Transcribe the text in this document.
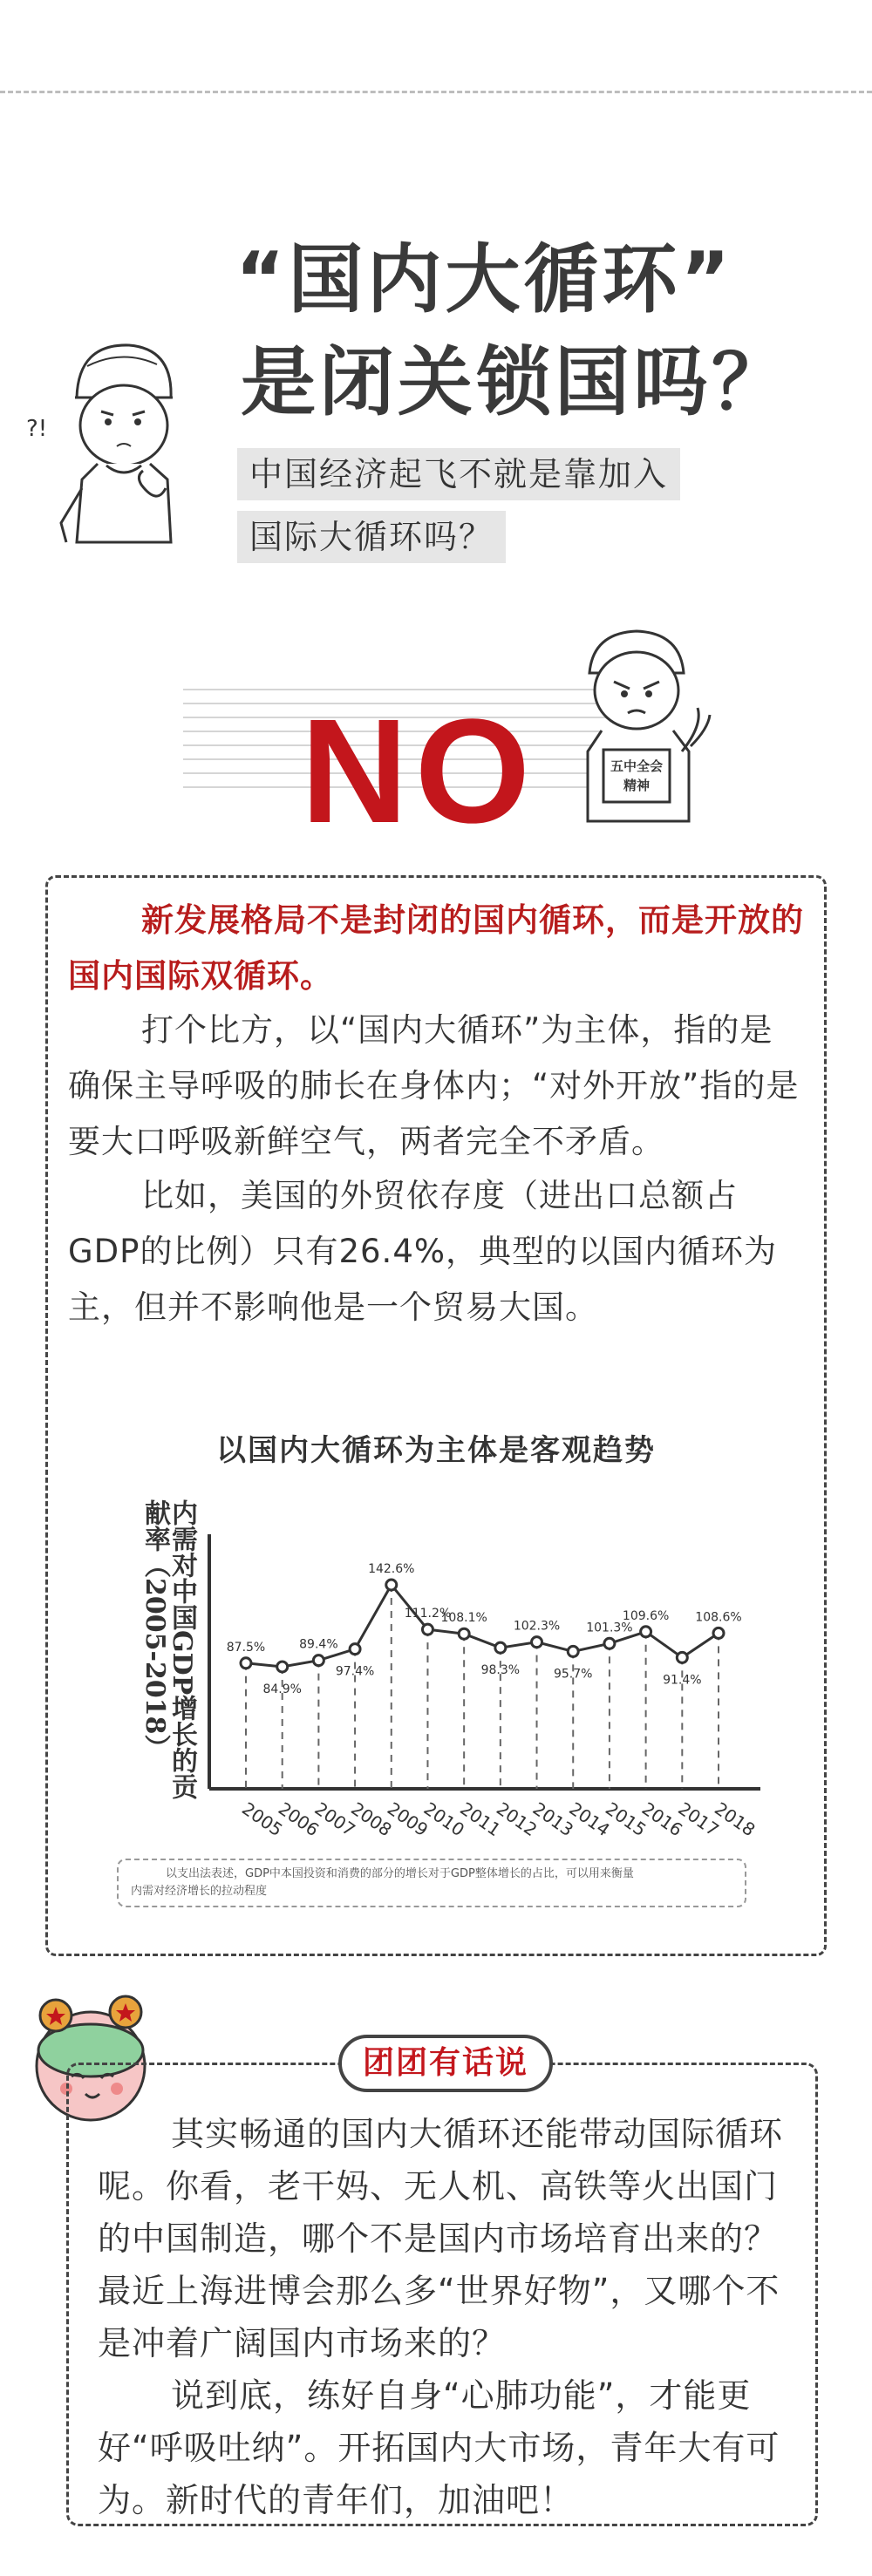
?!
“国内大循环”
是闭关锁国吗？
中国经济起飞不就是靠加入
国际大循环吗？
NO	五中全会
精神
新发展格局不是封闭的国内循环，而是开放的国内国际双循环。
打个比方，以“国内大循环”为主体，指的是确保主导呼吸的肺长在身体内；“对外开放”指的是要大口呼吸新鲜空气，两者完全不矛盾。
比如，美国的外贸依存度（进出口总额占GDP的比例）只有26.4%，典型的以国内循环为主，但并不影响他是一个贸易大国。
以国内大循环为主体是客观趋势
内需对中国GDP增长的贡献率（2005-2018）	87.5%
2005
84.9%
2006
89.4%
2007
97.4%
2008
142.6%
2009
111.2%
2010
108.1%
2011
98.3%
2012
102.3%
2013
95.7%
2014
101.3%
2015
109.6%
2016
91.4%
2017
108.6%
2018
以支出法表述，GDP中本国投资和消费的部分的增长对于GDP整体增长的占比，可以用来衡量
内需对经济增长的拉动程度
团团有话说
其实畅通的国内大循环还能带动国际循环呢。你看，老干妈、无人机、高铁等火出国门的中国制造，哪个不是国内市场培育出来的？最近上海进博会那么多“世界好物”，又哪个不是冲着广阔国内市场来的？
说到底，练好自身“心肺功能”，才能更好“呼吸吐纳”。开拓国内大市场，青年大有可为。新时代的青年们，加油吧！
